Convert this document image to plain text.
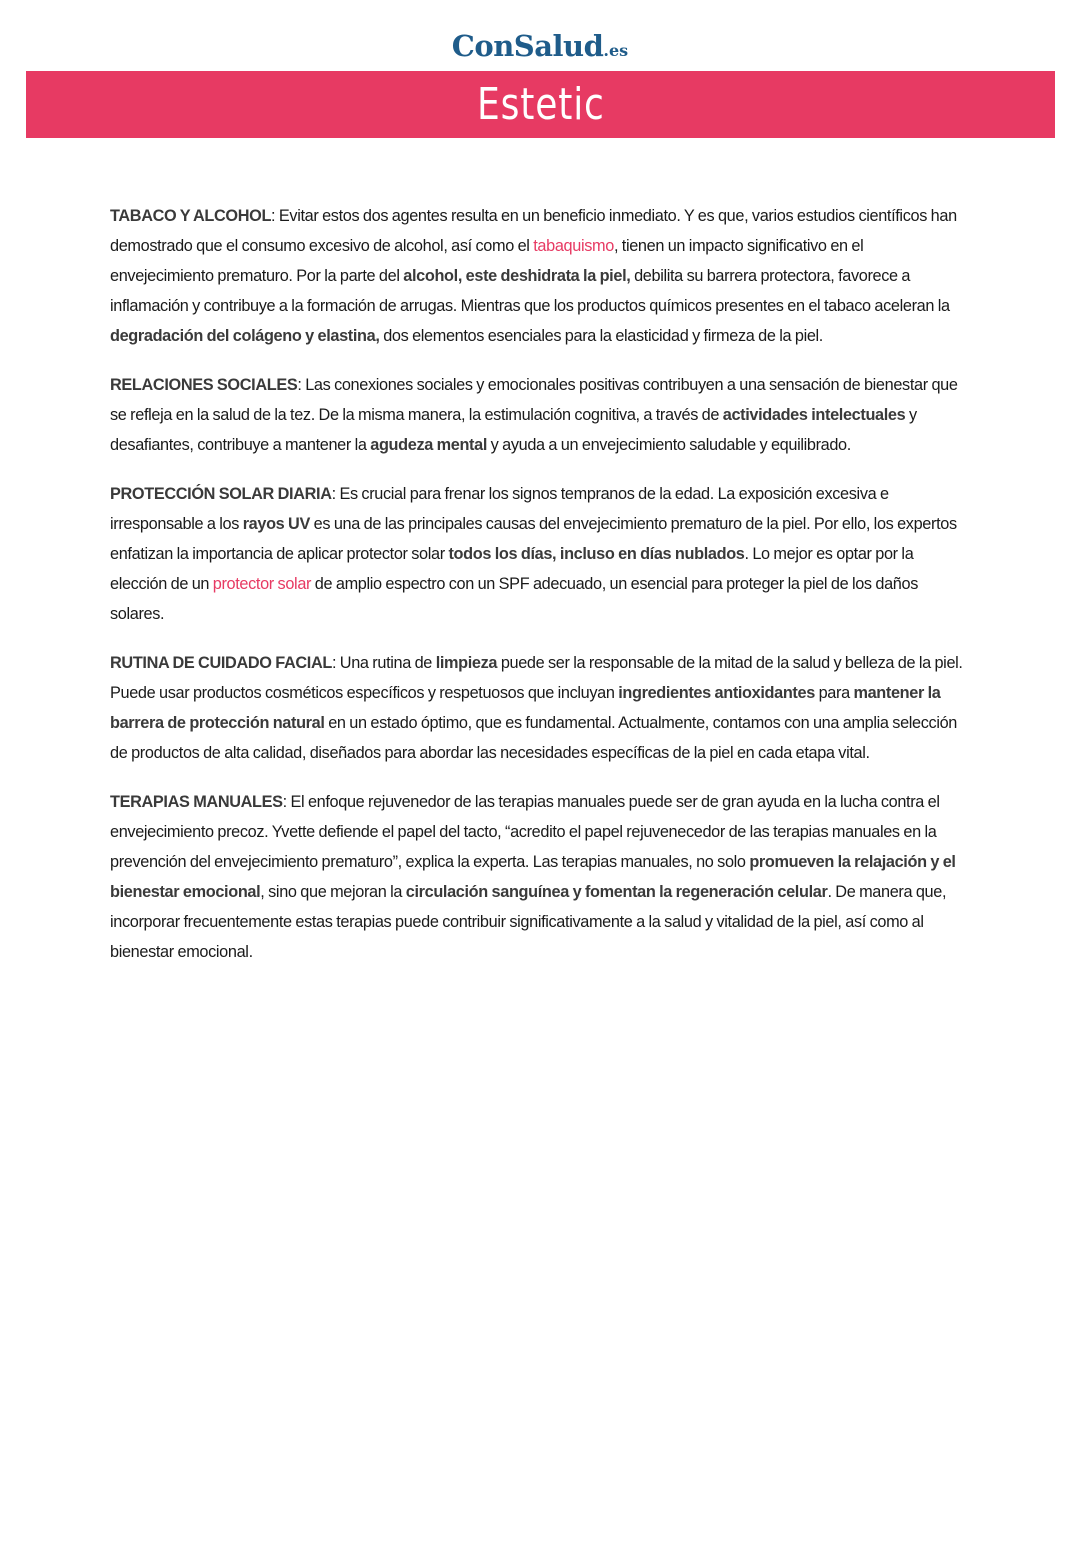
ConSalud.es
Estetic

TABACO Y ALCOHOL: Evitar estos dos agentes resulta en un beneficio inmediato. Y es que, varios estudios científicos han demostrado que el consumo excesivo de alcohol, así como el tabaquismo, tienen un impacto significativo en el envejecimiento prematuro. Por la parte del alcohol, este deshidrata la piel, debilita su barrera protectora, favorece a inflamación y contribuye a la formación de arrugas. Mientras que los productos químicos presentes en el tabaco aceleran la degradación del colágeno y elastina, dos elementos esenciales para la elasticidad y firmeza de la piel.

RELACIONES SOCIALES: Las conexiones sociales y emocionales positivas contribuyen a una sensación de bienestar que se refleja en la salud de la tez. De la misma manera, la estimulación cognitiva, a través de actividades intelectuales y desafiantes, contribuye a mantener la agudeza mental y ayuda a un envejecimiento saludable y equilibrado.

PROTECCIÓN SOLAR DIARIA: Es crucial para frenar los signos tempranos de la edad. La exposición excesiva e irresponsable a los rayos UV es una de las principales causas del envejecimiento prematuro de la piel. Por ello, los expertos enfatizan la importancia de aplicar protector solar todos los días, incluso en días nublados. Lo mejor es optar por la elección de un protector solar de amplio espectro con un SPF adecuado, un esencial para proteger la piel de los daños solares.

RUTINA DE CUIDADO FACIAL: Una rutina de limpieza puede ser la responsable de la mitad de la salud y belleza de la piel. Puede usar productos cosméticos específicos y respetuosos que incluyan ingredientes antioxidantes para mantener la barrera de protección natural en un estado óptimo, que es fundamental. Actualmente, contamos con una amplia selección de productos de alta calidad, diseñados para abordar las necesidades específicas de la piel en cada etapa vital.

TERAPIAS MANUALES: El enfoque rejuvenedor de las terapias manuales puede ser de gran ayuda en la lucha contra el envejecimiento precoz. Yvette defiende el papel del tacto, “acredito el papel rejuvenecedor de las terapias manuales en la prevención del envejecimiento prematuro”, explica la experta. Las terapias manuales, no solo promueven la relajación y el bienestar emocional, sino que mejoran la circulación sanguínea y fomentan la regeneración celular. De manera que, incorporar frecuentemente estas terapias puede contribuir significativamente a la salud y vitalidad de la piel, así como al bienestar emocional.
